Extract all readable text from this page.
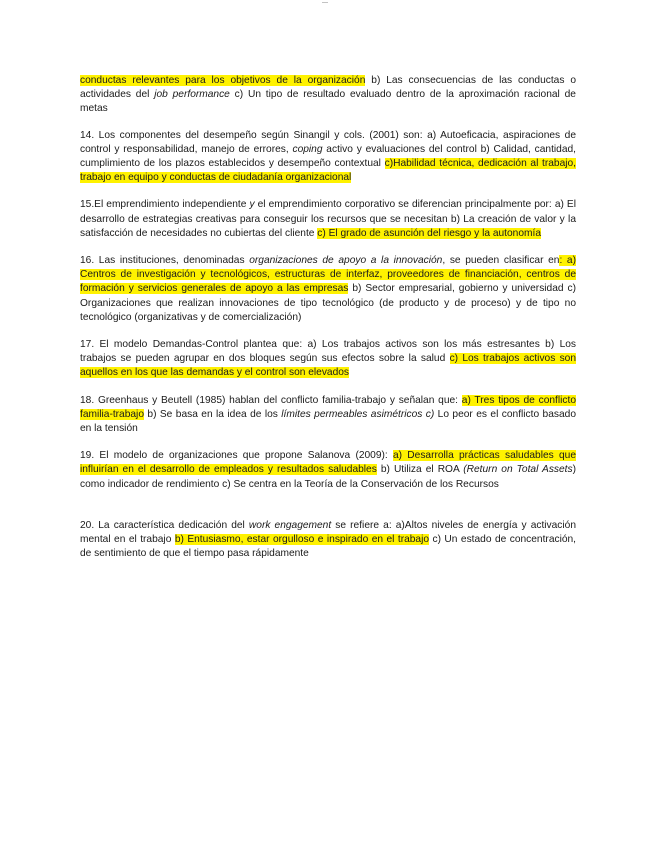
—

conductas relevantes para los objetivos de la organización b) Las consecuencias de las conductas o actividades del job performance c) Un tipo de resultado evaluado dentro de la aproximación racional de metas

14. Los componentes del desempeño según Sinangil y cols. (2001) son: a) Autoeficacia, aspiraciones de control y responsabilidad, manejo de errores, coping activo y evaluaciones del control b) Calidad, cantidad, cumplimiento de los plazos establecidos y desempeño contextual c)Habilidad técnica, dedicación al trabajo, trabajo en equipo y conductas de ciudadanía organizacional

15.El emprendimiento independiente y el emprendimiento corporativo se diferencian principalmente por: a) El desarrollo de estrategias creativas para conseguir los recursos que se necesitan b) La creación de valor y la satisfacción de necesidades no cubiertas del cliente c) El grado de asunción del riesgo y la autonomía

16. Las instituciones, denominadas organizaciones de apoyo a la innovación, se pueden clasificar en: a) Centros de investigación y tecnológicos, estructuras de interfaz, proveedores de financiación, centros de formación y servicios generales de apoyo a las empresas b) Sector empresarial, gobierno y universidad c) Organizaciones que realizan innovaciones de tipo tecnológico (de producto y de proceso) y de tipo no tecnológico (organizativas y de comercialización)

17. El modelo Demandas-Control plantea que: a) Los trabajos activos son los más estresantes b) Los trabajos se pueden agrupar en dos bloques según sus efectos sobre la salud c) Los trabajos activos son aquellos en los que las demandas y el control son elevados

18. Greenhaus y Beutell (1985) hablan del conflicto familia-trabajo y señalan que: a) Tres tipos de conflicto familia-trabajo b) Se basa en la idea de los límites permeables asimétricos c) Lo peor es el conflicto basado en la tensión

19. El modelo de organizaciones que propone Salanova (2009): a) Desarrolla prácticas saludables que influirían en el desarrollo de empleados y resultados saludables b) Utiliza el ROA (Return on Total Assets) como indicador de rendimiento c) Se centra en la Teoría de la Conservación de los Recursos

20. La característica dedicación del work engagement se refiere a: a)Altos niveles de energía y activación mental en el trabajo b) Entusiasmo, estar orgulloso e inspirado en el trabajo c) Un estado de concentración, de sentimiento de que el tiempo pasa rápidamente
